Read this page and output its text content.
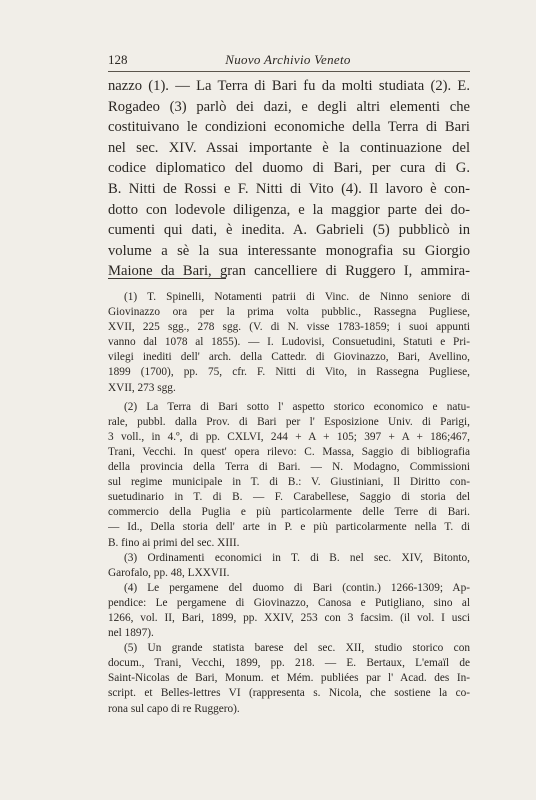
128	Nuovo Archivio Veneto
nazzo (1). — La Terra di Bari fu da molti studiata (2). E.
Rogadeo (3) parlò dei dazi, e degli altri elementi che
costituivano le condizioni economiche della Terra di Bari
nel sec. XIV. Assai importante è la continuazione del
codice diplomatico del duomo di Bari, per cura di G.
B. Nitti de Rossi e F. Nitti di Vito (4). Il lavoro è con-
dotto con lodevole diligenza, e la maggior parte dei do-
cumenti qui dati, è inedita. A. Gabrieli (5) pubblicò in
volume a sè la sua interessante monografia su Giorgio
Maione da Bari, gran cancelliere di Ruggero I, ammira-
(1) T. Spinelli, Notamenti patrii di Vinc. de Ninno seniore di
Giovinazzo ora per la prima volta pubblic., Rassegna Pugliese,
XVII, 225 sgg., 278 sgg. (V. di N. visse 1783-1859; i suoi appunti
vanno dal 1078 al 1855). — I. Ludovisi, Consuetudini, Statuti e Pri-
vilegi inediti dell' arch. della Cattedr. di Giovinazzo, Bari, Avellino,
1899 (1700), pp. 75, cfr. F. Nitti di Vito, in Rassegna Pugliese,
XVII, 273 sgg.
(2) La Terra di Bari sotto l' aspetto storico economico e natu-
rale, pubbl. dalla Prov. di Bari per l' Esposizione Univ. di Parigi,
3 voll., in 4.º, di pp. CXLVI, 244 + A + 105; 397 + A + 186;467,
Trani, Vecchi. In quest' opera rilevo: C. Massa, Saggio di bibliografia
della provincia della Terra di Bari. — N. Modagno, Commissioni
sul regime municipale in T. di B.: V. Giustiniani, Il Diritto con-
suetudinario in T. di B. — F. Carabellese, Saggio di storia del
commercio della Puglia e più particolarmente delle Terre di Bari.
— Id., Della storia dell' arte in P. e più particolarmente nella T. di
B. fino ai primi del sec. XIII.
(3) Ordinamenti economici in T. di B. nel sec. XIV, Bitonto,
Garofalo, pp. 48, LXXVII.
(4) Le pergamene del duomo di Bari (contin.) 1266-1309; Ap-
pendice: Le pergamene di Giovinazzo, Canosa e Putigliano, sino al
1266, vol. II, Bari, 1899, pp. XXIV, 253 con 3 facsim. (il vol. I usci
nel 1897).
(5) Un grande statista barese del sec. XII, studio storico con
docum., Trani, Vecchi, 1899, pp. 218. — E. Bertaux, L'emaïl de
Saint-Nicolas de Bari, Monum. et Mém. publiées par l' Acad. des In-
script. et Belles-lettres VI (rappresenta s. Nicola, che sostiene la co-
rona sul capo di re Ruggero).
